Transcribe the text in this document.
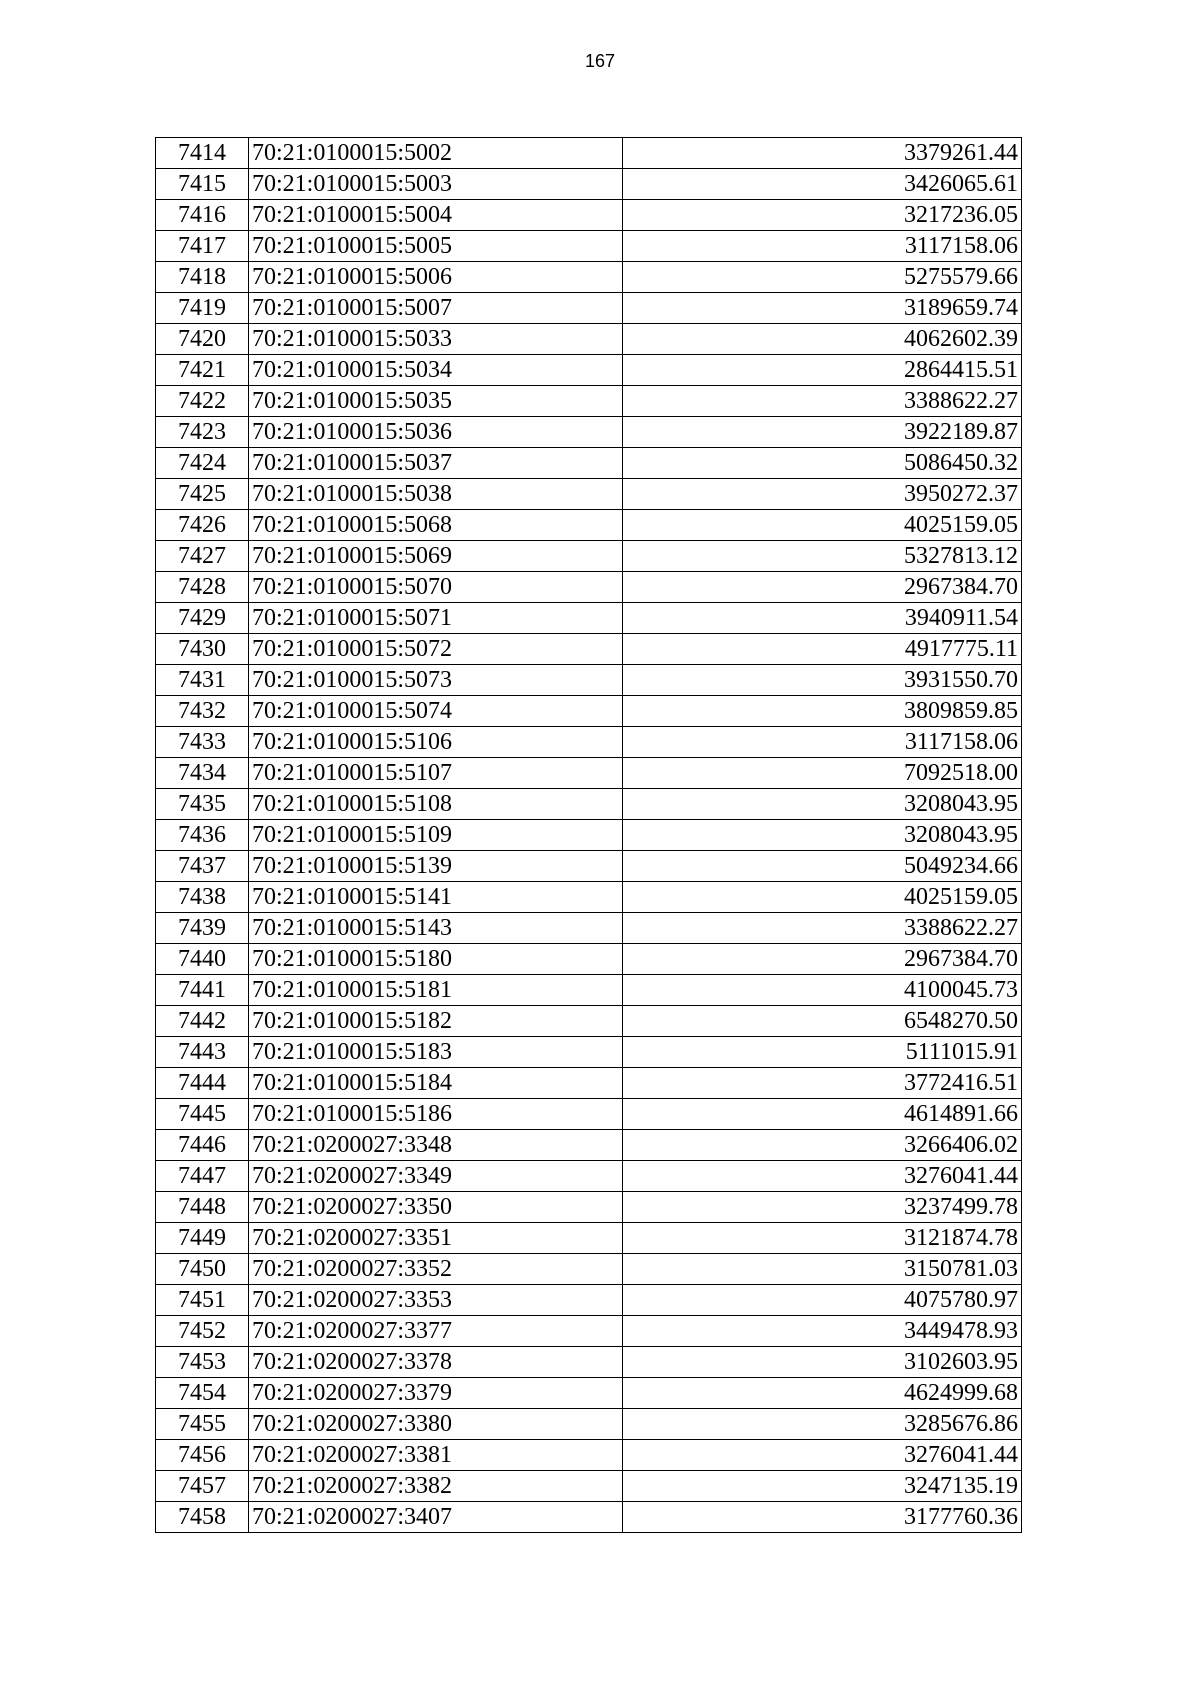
167
7414	70:21:0100015:5002	3379261.44
7415	70:21:0100015:5003	3426065.61
7416	70:21:0100015:5004	3217236.05
7417	70:21:0100015:5005	3117158.06
7418	70:21:0100015:5006	5275579.66
7419	70:21:0100015:5007	3189659.74
7420	70:21:0100015:5033	4062602.39
7421	70:21:0100015:5034	2864415.51
7422	70:21:0100015:5035	3388622.27
7423	70:21:0100015:5036	3922189.87
7424	70:21:0100015:5037	5086450.32
7425	70:21:0100015:5038	3950272.37
7426	70:21:0100015:5068	4025159.05
7427	70:21:0100015:5069	5327813.12
7428	70:21:0100015:5070	2967384.70
7429	70:21:0100015:5071	3940911.54
7430	70:21:0100015:5072	4917775.11
7431	70:21:0100015:5073	3931550.70
7432	70:21:0100015:5074	3809859.85
7433	70:21:0100015:5106	3117158.06
7434	70:21:0100015:5107	7092518.00
7435	70:21:0100015:5108	3208043.95
7436	70:21:0100015:5109	3208043.95
7437	70:21:0100015:5139	5049234.66
7438	70:21:0100015:5141	4025159.05
7439	70:21:0100015:5143	3388622.27
7440	70:21:0100015:5180	2967384.70
7441	70:21:0100015:5181	4100045.73
7442	70:21:0100015:5182	6548270.50
7443	70:21:0100015:5183	5111015.91
7444	70:21:0100015:5184	3772416.51
7445	70:21:0100015:5186	4614891.66
7446	70:21:0200027:3348	3266406.02
7447	70:21:0200027:3349	3276041.44
7448	70:21:0200027:3350	3237499.78
7449	70:21:0200027:3351	3121874.78
7450	70:21:0200027:3352	3150781.03
7451	70:21:0200027:3353	4075780.97
7452	70:21:0200027:3377	3449478.93
7453	70:21:0200027:3378	3102603.95
7454	70:21:0200027:3379	4624999.68
7455	70:21:0200027:3380	3285676.86
7456	70:21:0200027:3381	3276041.44
7457	70:21:0200027:3382	3247135.19
7458	70:21:0200027:3407	3177760.36
